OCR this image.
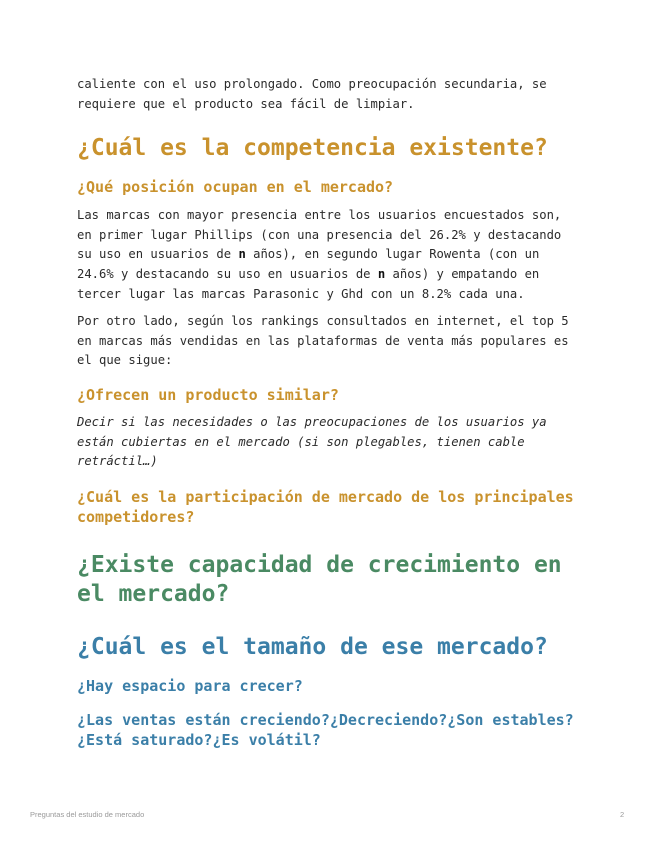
caliente con el uso prolongado. Como preocupación secundaria, se requiere que el producto sea fácil de limpiar.

¿Cuál es la competencia existente?
¿Qué posición ocupan en el mercado?

Las marcas con mayor presencia entre los usuarios encuestados son, en primer lugar Phillips (con una presencia del 26.2% y destacando su uso en usuarios de n años), en segundo lugar Rowenta (con un 24.6% y destacando su uso en usuarios de n años) y empatando en tercer lugar las marcas Parasonic y Ghd con un 8.2% cada una.

Por otro lado, según los rankings consultados en internet, el top 5 en marcas más vendidas en las plataformas de venta más populares es el que sigue:

¿Ofrecen un producto similar?

Decir si las necesidades o las preocupaciones de los usuarios ya están cubiertas en el mercado (si son plegables, tienen cable retráctil…)

¿Cuál es la participación de mercado de los principales competidores?
¿Existe capacidad de crecimiento en el mercado?
¿Cuál es el tamaño de ese mercado?
¿Hay espacio para crecer?
¿Las ventas están creciendo?¿Decreciendo?¿Son estables?¿Está saturado?¿Es volátil?
Preguntas del estudio de mercado	2
